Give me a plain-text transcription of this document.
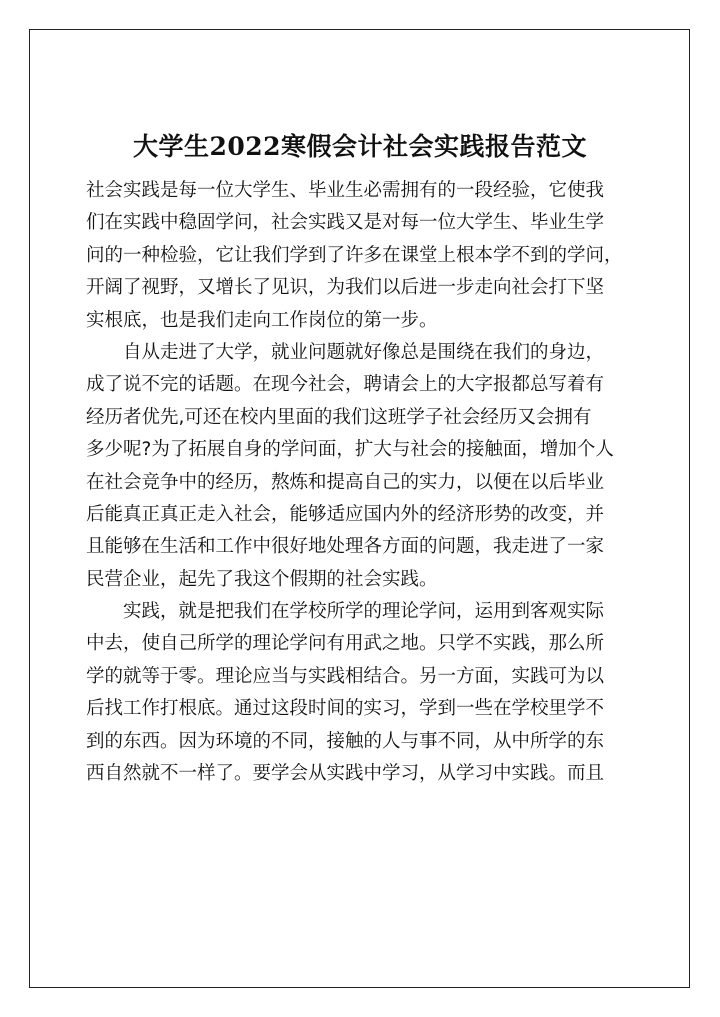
大学生2022寒假会计社会实践报告范文
社会实践是每一位大学生、毕业生必需拥有的一段经验，它使我
们在实践中稳固学问，社会实践又是对每一位大学生、毕业生学
问的一种检验，它让我们学到了许多在课堂上根本学不到的学问，
开阔了视野，又增长了见识，为我们以后进一步走向社会打下坚
实根底，也是我们走向工作岗位的第一步。
自从走进了大学，就业问题就好像总是围绕在我们的身边，
成了说不完的话题。在现今社会，聘请会上的大字报都总写着有
经历者优先,可还在校内里面的我们这班学子社会经历又会拥有
多少呢?为了拓展自身的学问面，扩大与社会的接触面，增加个人
在社会竞争中的经历，熬炼和提高自己的实力，以便在以后毕业
后能真正真正走入社会，能够适应国内外的经济形势的改变，并
且能够在生活和工作中很好地处理各方面的问题，我走进了一家
民营企业，起先了我这个假期的社会实践。
实践，就是把我们在学校所学的理论学问，运用到客观实际
中去，使自己所学的理论学问有用武之地。只学不实践，那么所
学的就等于零。理论应当与实践相结合。另一方面，实践可为以
后找工作打根底。通过这段时间的实习，学到一些在学校里学不
到的东西。因为环境的不同，接触的人与事不同，从中所学的东
西自然就不一样了。要学会从实践中学习，从学习中实践。而且
